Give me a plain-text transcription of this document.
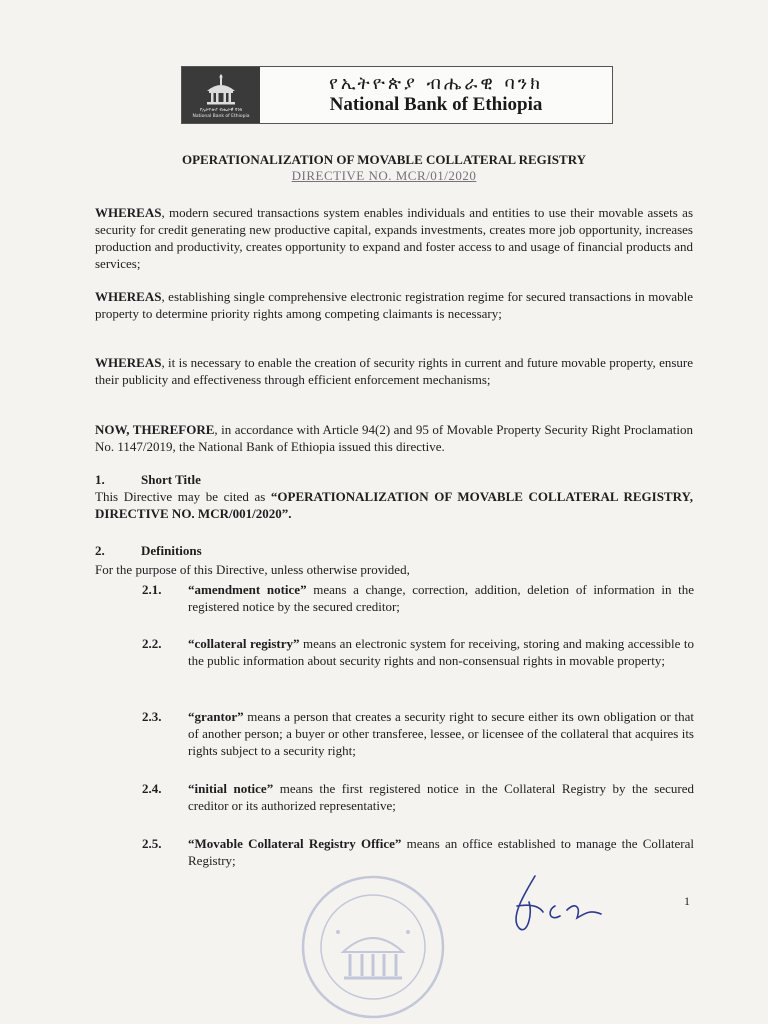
የኢትዮጵያ ብሔራዊ ባንክ
National Bank of Ethiopia
የኢትዮጵያ ብሔራዊ ባንክ
National Bank of Ethiopia
OPERATIONALIZATION OF MOVABLE COLLATERAL REGISTRY
DIRECTIVE NO. MCR/01/2020
WHEREAS, modern secured transactions system enables individuals and entities to use their movable assets as security for credit generating new productive capital, expands investments, creates more job opportunity, increases production and productivity, creates opportunity to expand and foster access to and usage of financial products and services;
WHEREAS, establishing single comprehensive electronic registration regime for secured transactions in movable property to determine priority rights among competing claimants is necessary;
WHEREAS, it is necessary to enable the creation of security rights in current and future movable property, ensure their publicity and effectiveness through efficient enforcement mechanisms;
NOW, THEREFORE, in accordance with Article 94(2) and 95 of Movable Property Security Right Proclamation No. 1147/2019, the National Bank of Ethiopia issued this directive.
1.	Short Title
This Directive may be cited as “OPERATIONALIZATION OF MOVABLE COLLATERAL REGISTRY, DIRECTIVE NO. MCR/001/2020”.
2.	Definitions
For the purpose of this Directive, unless otherwise provided,
2.1.	“amendment notice” means a change, correction, addition, deletion of information in the registered notice by the secured creditor;
2.2.	“collateral registry” means an electronic system for receiving, storing and making accessible to the public information about security rights and non-consensual rights in movable property;
2.3.	“grantor” means a person that creates a security right to secure either its own obligation or that of another person; a buyer or other transferee, lessee, or licensee of the collateral that acquires its rights subject to a security right;
2.4.	“initial notice” means the first registered notice in the Collateral Registry by the secured creditor or its authorized representative;
2.5.	“Movable Collateral Registry Office” means an office established to manage the Collateral Registry;
1
